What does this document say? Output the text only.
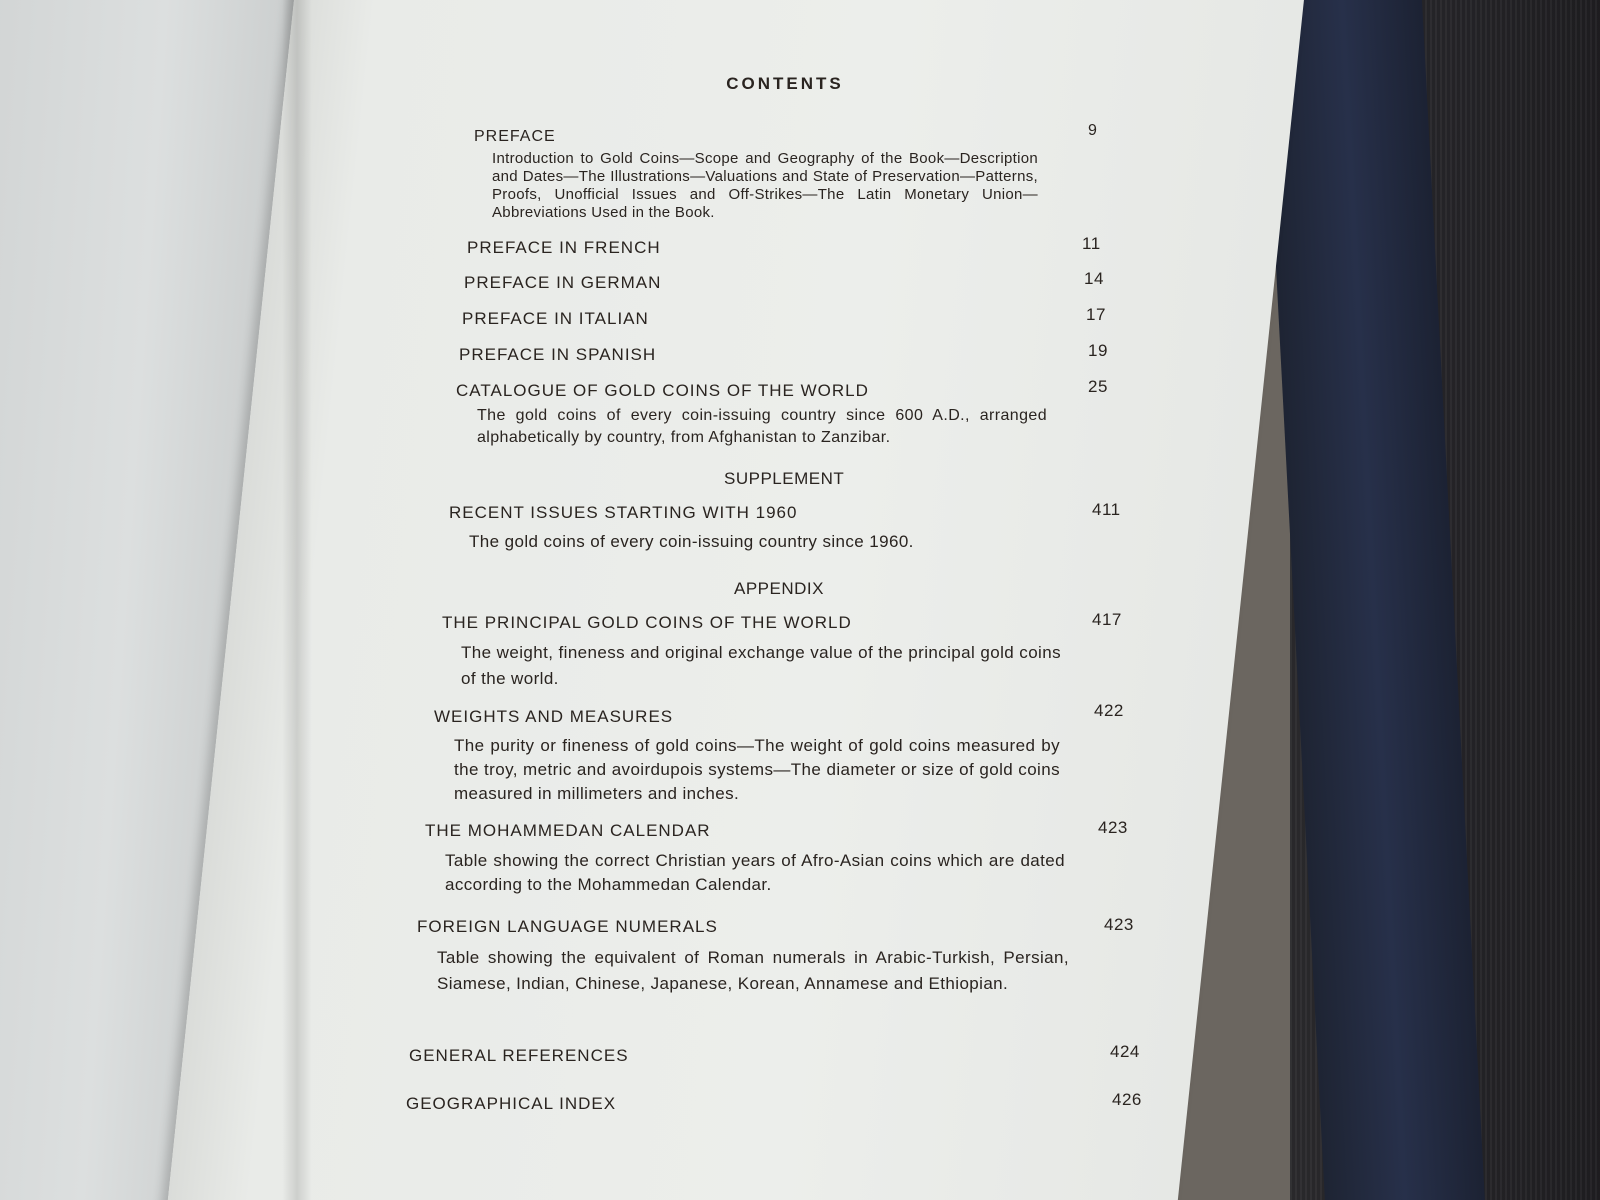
CONTENTS
PREFACE	9
Introduction to Gold Coins—Scope and Geography of the Book—Description and Dates—The Illustrations—Valuations and State of Preservation—Patterns, Proofs, Unofficial Issues and Off-Strikes—The Latin Monetary Union—Abbreviations Used in the Book.
PREFACE IN FRENCH	11
PREFACE IN GERMAN	14
PREFACE IN ITALIAN	17
PREFACE IN SPANISH	19
CATALOGUE OF GOLD COINS OF THE WORLD	25
The gold coins of every coin-issuing country since 600 A.D., arranged alphabetically by country, from Afghanistan to Zanzibar.
SUPPLEMENT
RECENT ISSUES STARTING WITH 1960	411
The gold coins of every coin-issuing country since 1960.
APPENDIX
THE PRINCIPAL GOLD COINS OF THE WORLD	417
The weight, fineness and original exchange value of the principal gold coins of the world.
WEIGHTS AND MEASURES	422
The purity or fineness of gold coins—The weight of gold coins measured by the troy, metric and avoirdupois systems—The diameter or size of gold coins measured in millimeters and inches.
THE MOHAMMEDAN CALENDAR	423
Table showing the correct Christian years of Afro-Asian coins which are dated according to the Mohammedan Calendar.
FOREIGN LANGUAGE NUMERALS	423
Table showing the equivalent of Roman numerals in Arabic-Turkish, Persian, Siamese, Indian, Chinese, Japanese, Korean, Annamese and Ethiopian.
GENERAL REFERENCES	424
GEOGRAPHICAL INDEX	426
